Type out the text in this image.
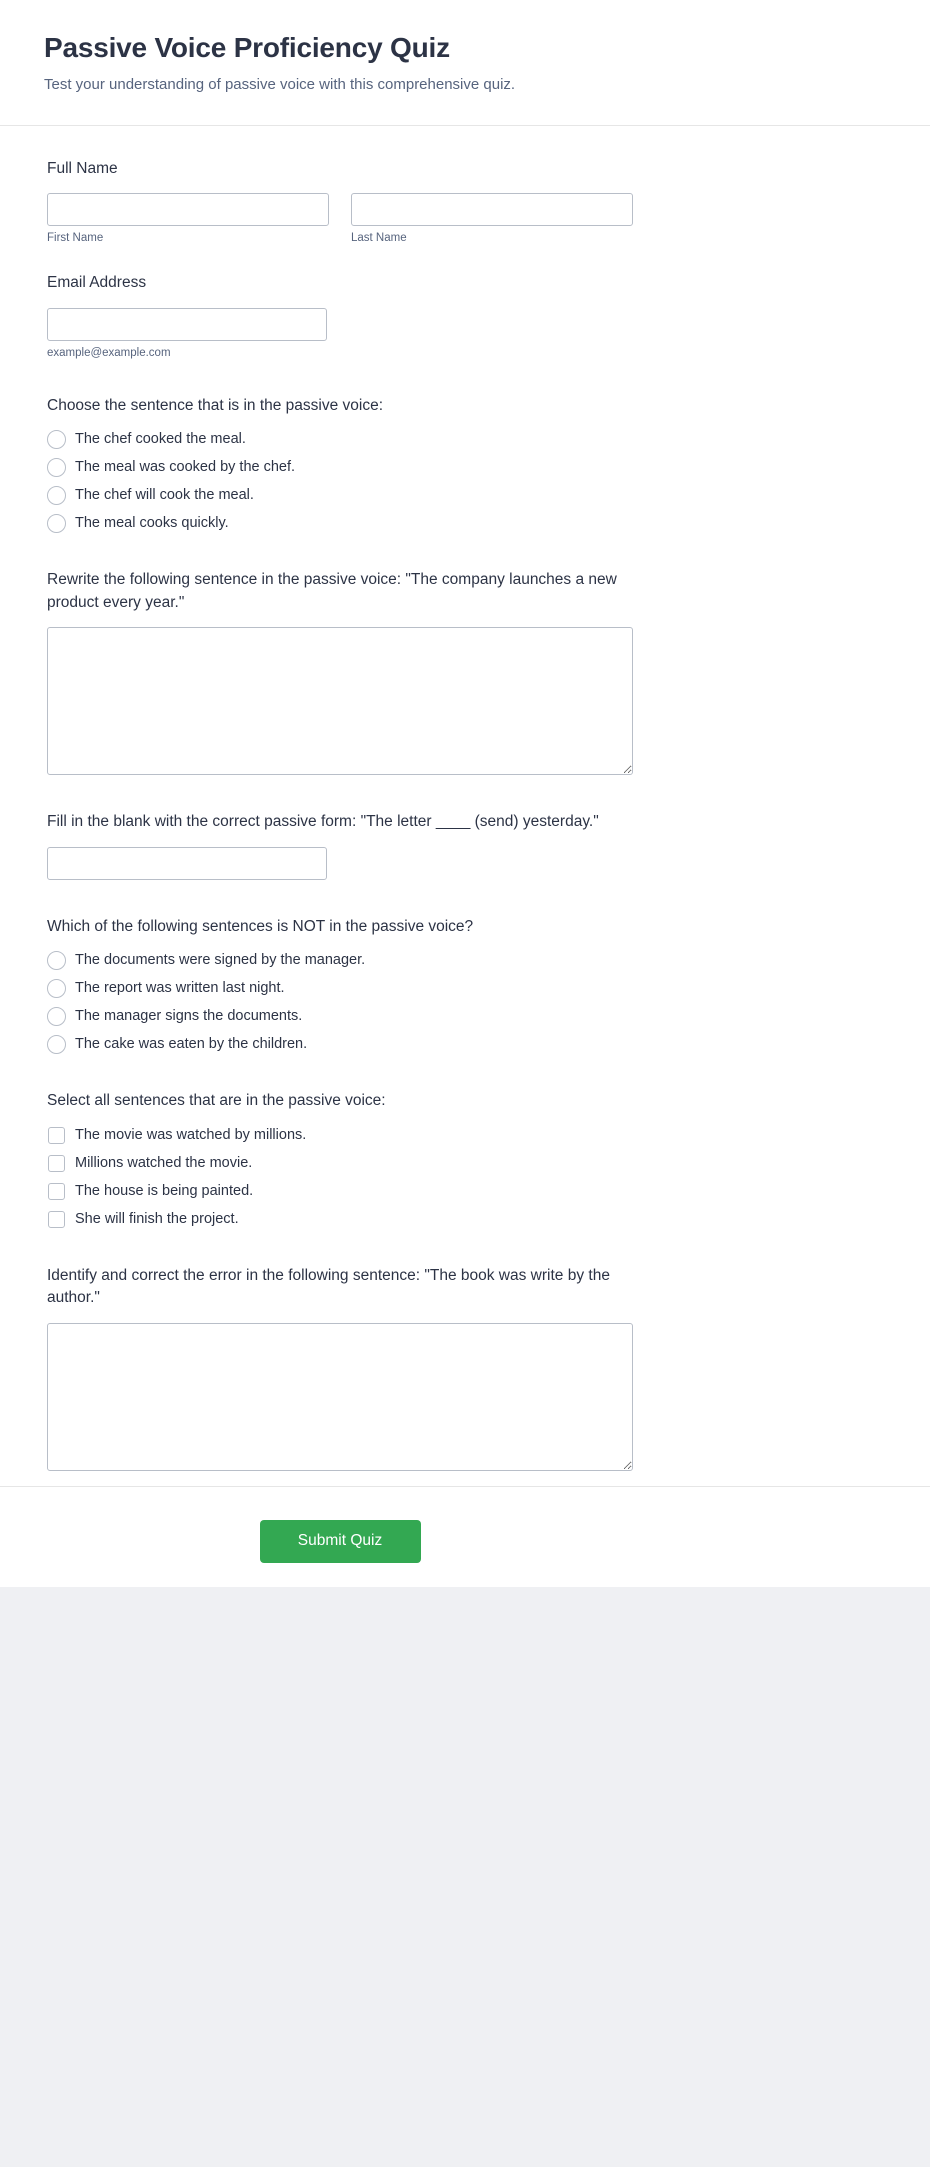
Passive Voice Proficiency Quiz

Test your understanding of passive voice with this comprehensive quiz.

Full Name
First Name	Last Name
Email Address
example@example.com
Choose the sentence that is in the passive voice:
The chef cooked the meal.
The meal was cooked by the chef.
The chef will cook the meal.
The meal cooks quickly.
Rewrite the following sentence in the passive voice: "The company launches a new product every year."
Fill in the blank with the correct passive form: "The letter ____ (send) yesterday."
Which of the following sentences is NOT in the passive voice?
The documents were signed by the manager.
The report was written last night.
The manager signs the documents.
The cake was eaten by the children.
Select all sentences that are in the passive voice:
The movie was watched by millions.
Millions watched the movie.
The house is being painted.
She will finish the project.
Identify and correct the error in the following sentence: "The book was write by the author."
Submit Quiz
